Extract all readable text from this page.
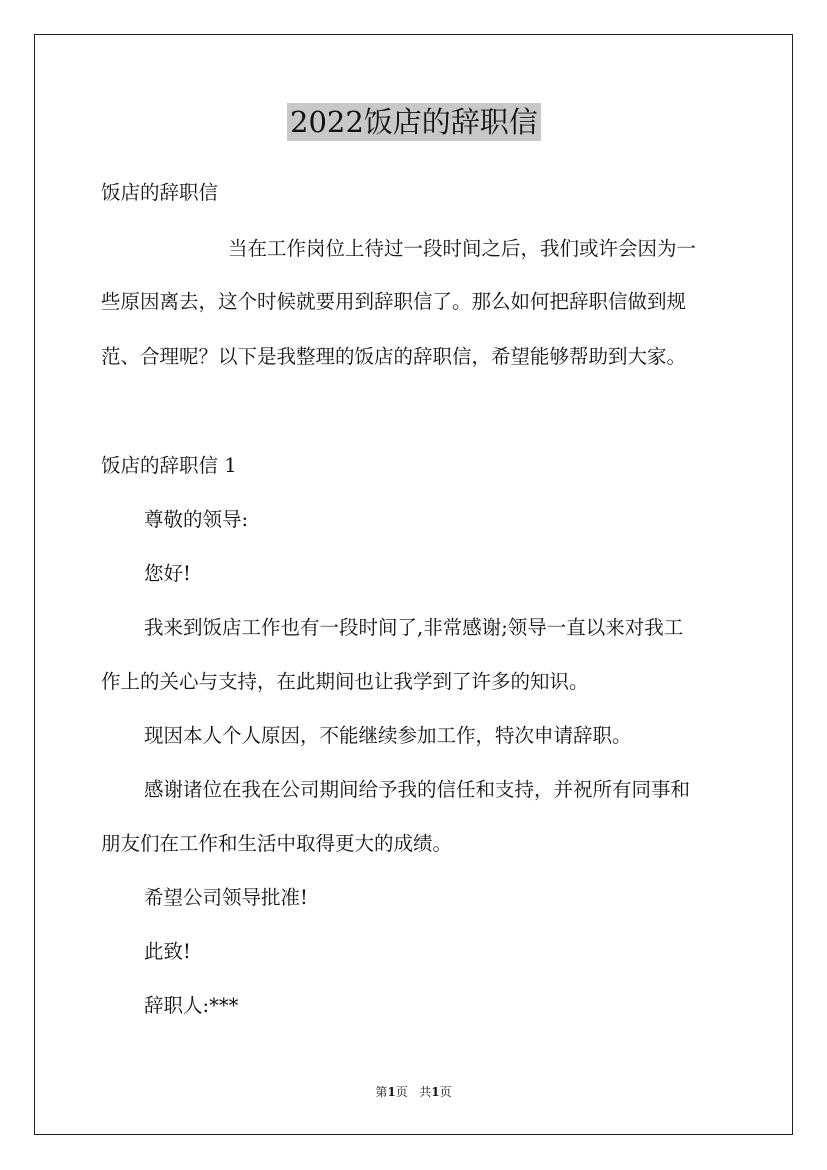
2022饭店的辞职信
饭店的辞职信
当在工作岗位上待过一段时间之后，我们或许会因为一
些原因离去，这个时候就要用到辞职信了。那么如何把辞职信做到规
范、合理呢？以下是我整理的饭店的辞职信，希望能够帮助到大家。
饭店的辞职信 1
尊敬的领导:
您好!
我来到饭店工作也有一段时间了,非常感谢;领导一直以来对我工
作上的关心与支持，在此期间也让我学到了许多的知识。
现因本人个人原因，不能继续参加工作，特次申请辞职。
感谢诸位在我在公司期间给予我的信任和支持，并祝所有同事和
朋友们在工作和生活中取得更大的成绩。
希望公司领导批准!
此致!
辞职人:***
第1页 共1页
